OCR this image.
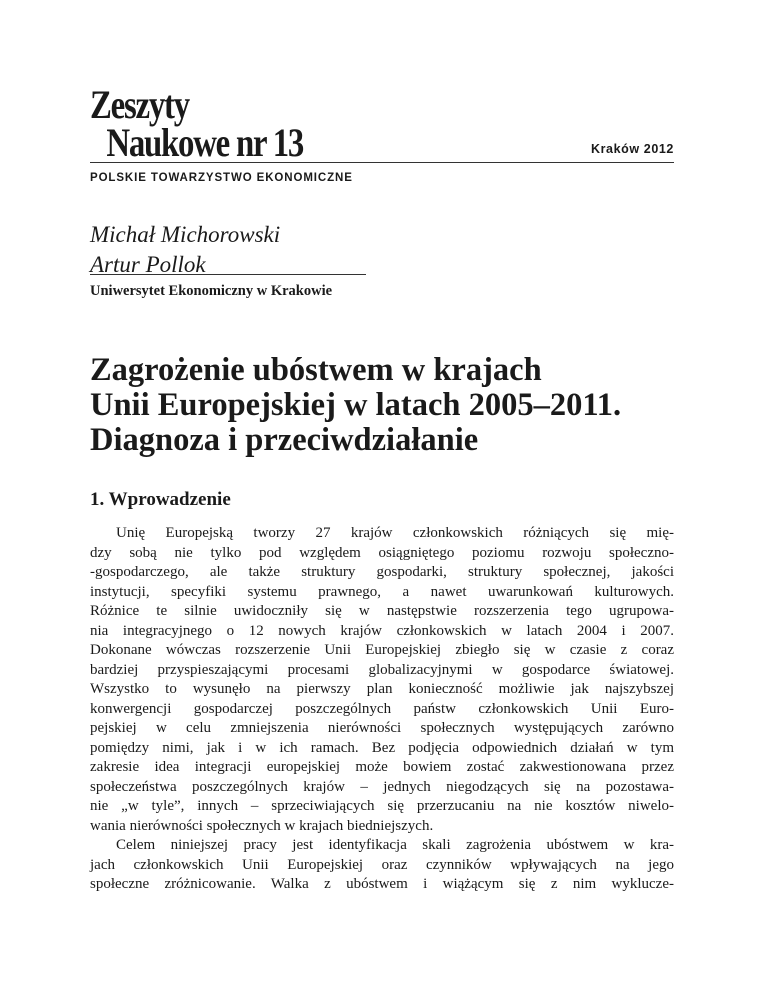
Zeszyty
Naukowe nr 13	Kraków 2012
POLSKIE TOWARZYSTWO EKONOMICZNE
Michał Michorowski
Artur Pollok
Uniwersytet Ekonomiczny w Krakowie
Zagrożenie ubóstwem w krajach
Unii Europejskiej w latach 2005–2011.
Diagnoza i przeciwdziałanie
1. Wprowadzenie
Unię Europejską tworzy 27 krajów członkowskich różniących się mię-
dzy sobą nie tylko pod względem osiągniętego poziomu rozwoju społeczno-
-gospodarczego, ale także struktury gospodarki, struktury społecznej, jakości
instytucji, specyfiki systemu prawnego, a nawet uwarunkowań kulturowych.
Różnice te silnie uwidoczniły się w następstwie rozszerzenia tego ugrupowa-
nia integracyjnego o 12 nowych krajów członkowskich w latach 2004 i 2007.
Dokonane wówczas rozszerzenie Unii Europejskiej zbiegło się w czasie z coraz
bardziej przyspieszającymi procesami globalizacyjnymi w gospodarce światowej.
Wszystko to wysunęło na pierwszy plan konieczność możliwie jak najszybszej
konwergencji gospodarczej poszczególnych państw członkowskich Unii Euro-
pejskiej w celu zmniejszenia nierówności społecznych występujących zarówno
pomiędzy nimi, jak i w ich ramach. Bez podjęcia odpowiednich działań w tym
zakresie idea integracji europejskiej może bowiem zostać zakwestionowana przez
społeczeństwa poszczególnych krajów – jednych niegodzących się na pozostawa-
nie „w tyle”, innych – sprzeciwiających się przerzucaniu na nie kosztów niwelo-
wania nierówności społecznych w krajach biedniejszych.
Celem niniejszej pracy jest identyfikacja skali zagrożenia ubóstwem w kra-
jach członkowskich Unii Europejskiej oraz czynników wpływających na jego
społeczne zróżnicowanie. Walka z ubóstwem i wiążącym się z nim wyklucze-
